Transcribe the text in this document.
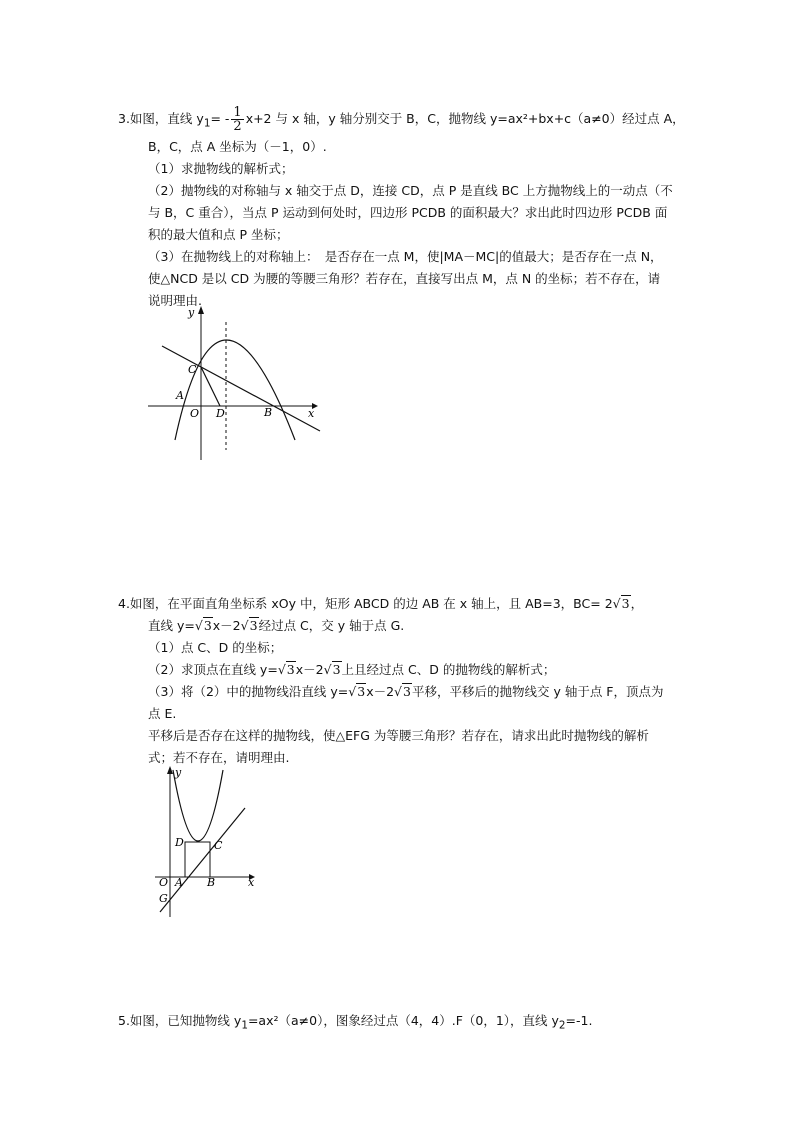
3.如图，直线 $y_1= - \frac{1}{2} x+2$ 与 x 轴，y 轴分别交于 B，C，抛物线 y=ax²+bx+c（a≠0）经过点 A，
B，C，点 A 坐标为（－1，0）.
（1）求抛物线的解析式；
（2）抛物线的对称轴与 x 轴交于点 D，连接 CD，点 P 是直线 BC 上方抛物线上的一动点（不
与 B，C 重合），当点 P 运动到何处时，四边形 PCDB 的面积最大？求出此时四边形 PCDB 面
积的最大值和点 P 坐标；
（3）在抛物线上的对称轴上：　是否存在一点 M，使|MA－MC|的值最大；是否存在一点 N，
使△NCD 是以 CD 为腰的等腰三角形？若存在，直接写出点 M，点 N 的坐标；若不存在，请
说明理由.
y
x
C
A
O D	B
4.如图，在平面直角坐标系 xOy 中，矩形 ABCD 的边 AB 在 x 轴上，且 AB=3，BC= 2√3，
直线 y=√3x－2√3经过点 C，交 y 轴于点 G.
（1）点 C、D 的坐标；
（2）求顶点在直线 y=√3x－2√3上且经过点 C、D 的抛物线的解析式；
（3）将（2）中的抛物线沿直线 y=√3x－2√3平移，平移后的抛物线交 y 轴于点 F，顶点为
点 E.
平移后是否存在这样的抛物线，使△EFG 为等腰三角形？若存在，请求出此时抛物线的解析
式；若不存在，请明理由.
y
x
D	C
O A B
G
5.如图，已知抛物线 $y_1=ax^2(a\ne 0)$，图象经过点（4，4）.F（0，1），直线 $y_2=-1$.
